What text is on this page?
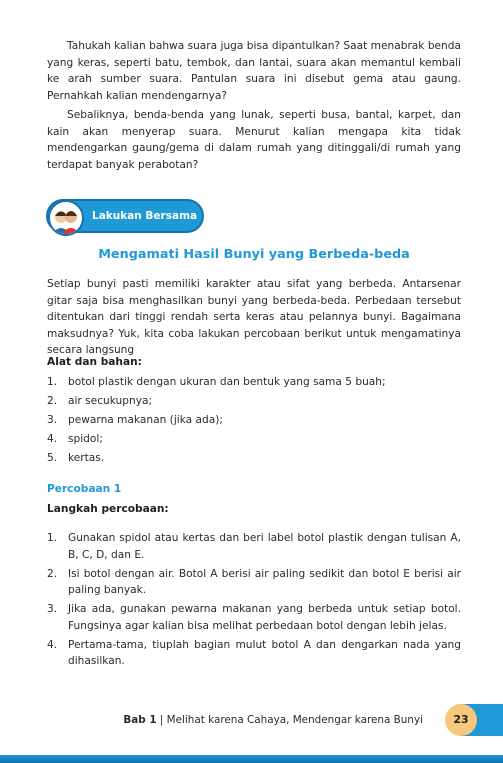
Tahukah kalian bahwa suara juga bisa dipantulkan? Saat menabrak benda yang keras, seperti batu, tembok, dan lantai, suara akan memantul kembali ke arah sumber suara. Pantulan suara ini disebut gema atau gaung. Pernahkah kalian mendengarnya?

Sebaliknya, benda-benda yang lunak, seperti busa, bantal, karpet, dan kain akan menyerap suara. Menurut kalian mengapa kita tidak mendengarkan gaung/gema di dalam rumah yang ditinggali/di rumah yang terdapat banyak perabotan?

Lakukan Bersama
Mengamati Hasil Bunyi yang Berbeda-beda

Setiap bunyi pasti memiliki karakter atau sifat yang berbeda. Antarsenar gitar saja bisa menghasilkan bunyi yang berbeda-beda. Perbedaan tersebut ditentukan dari tinggi rendah serta keras atau pelannya bunyi. Bagaimana maksudnya? Yuk, kita coba lakukan percobaan berikut untuk mengamatinya secara langsung

Alat dan bahan:
1. botol plastik dengan ukuran dan bentuk yang sama 5 buah;
2. air secukupnya;
3. pewarna makanan (jika ada);
4. spidol;
5. kertas.
Percobaan 1
Langkah percobaan:
1. Gunakan spidol atau kertas dan beri label botol plastik dengan tulisan A, B, C, D, dan E.
2. Isi botol dengan air. Botol A berisi air paling sedikit dan botol E berisi air paling banyak.
3. Jika ada, gunakan pewarna makanan yang berbeda untuk setiap botol. Fungsinya agar kalian bisa melihat perbedaan botol dengan lebih jelas.
4. Pertama-tama, tiuplah bagian mulut botol A dan dengarkan nada yang dihasilkan.
Bab 1 | Melihat karena Cahaya, Mendengar karena Bunyi	23
